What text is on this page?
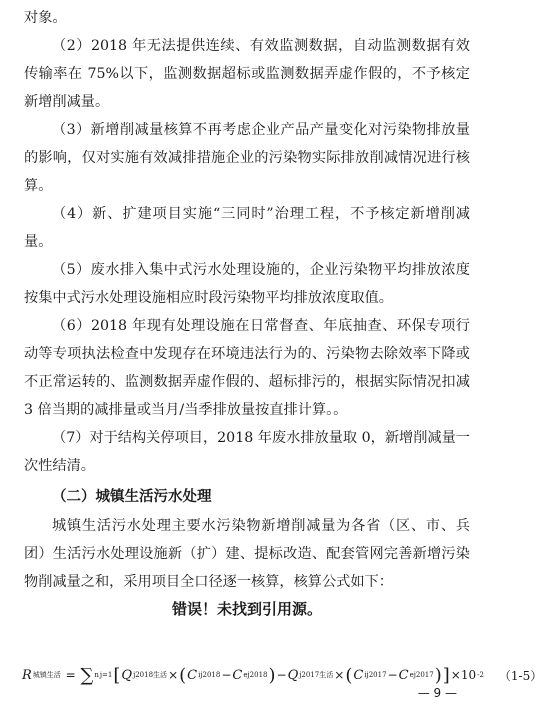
对象。

（2）2018 年无法提供连续、有效监测数据，自动监测数据有效传输率在 75%以下，监测数据超标或监测数据弄虚作假的，不予核定新增削减量。

（3）新增削减量核算不再考虑企业产品产量变化对污染物排放量的影响，仅对实施有效减排措施企业的污染物实际排放削减情况进行核算。

（4）新、扩建项目实施“三同时”治理工程，不予核定新增削减量。

（5）废水排入集中式污水处理设施的，企业污染物平均排放浓度按集中式污水处理设施相应时段污染物平均排放浓度取值。

（6）2018 年现有处理设施在日常督查、年底抽查、环保专项行动等专项执法检查中发现存在环境违法行为的、污染物去除效率下降或不正常运转的、监测数据弄虚作假的、超标排污的，根据实际情况扣减 3 倍当期的减排量或当月/当季排放量按直排计算。。

（7）对于结构关停项目，2018 年废水排放量取 0，新增削减量一次性结清。

（二）城镇生活污水处理

城镇生活污水处理主要水污染物新增削减量为各省（区、市、兵团）生活污水处理设施新（扩）建、提标改造、配套管网完善新增污染物削减量之和，采用项目全口径逐一核算，核算公式如下：

错误！未找到引用源。

R 城镇生活 = ∑ n j=1 [ Q j2018生活 × ( C ij2018 − C ej2018 ) − Q j2017生活 × ( C ij2017 − C ej2017 ) ] ×10 -2 （1-5）
— 9 —
